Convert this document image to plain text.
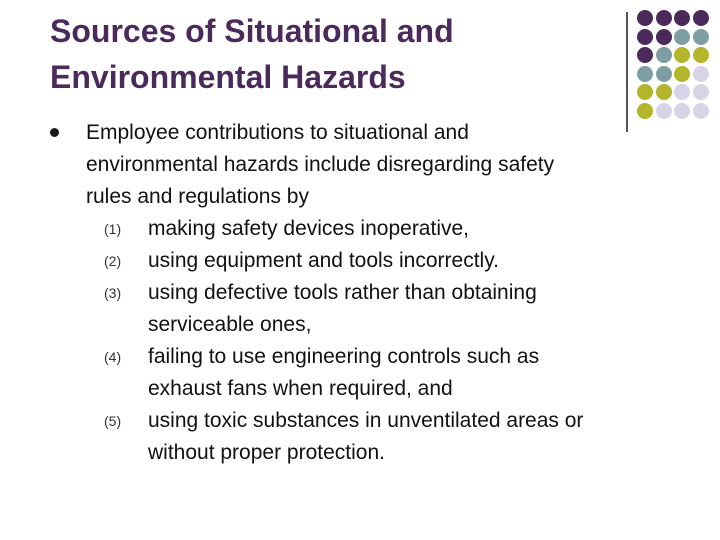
Sources of Situational and
Environmental Hazards
Employee contributions to situational and
environmental hazards include disregarding safety
rules and regulations by
(1) making safety devices inoperative,
(2) using equipment and tools incorrectly.
(3) using defective tools rather than obtaining
serviceable ones,
(4) failing to use engineering controls such as
exhaust fans when required, and
(5) using toxic substances in unventilated areas or
without proper protection.
